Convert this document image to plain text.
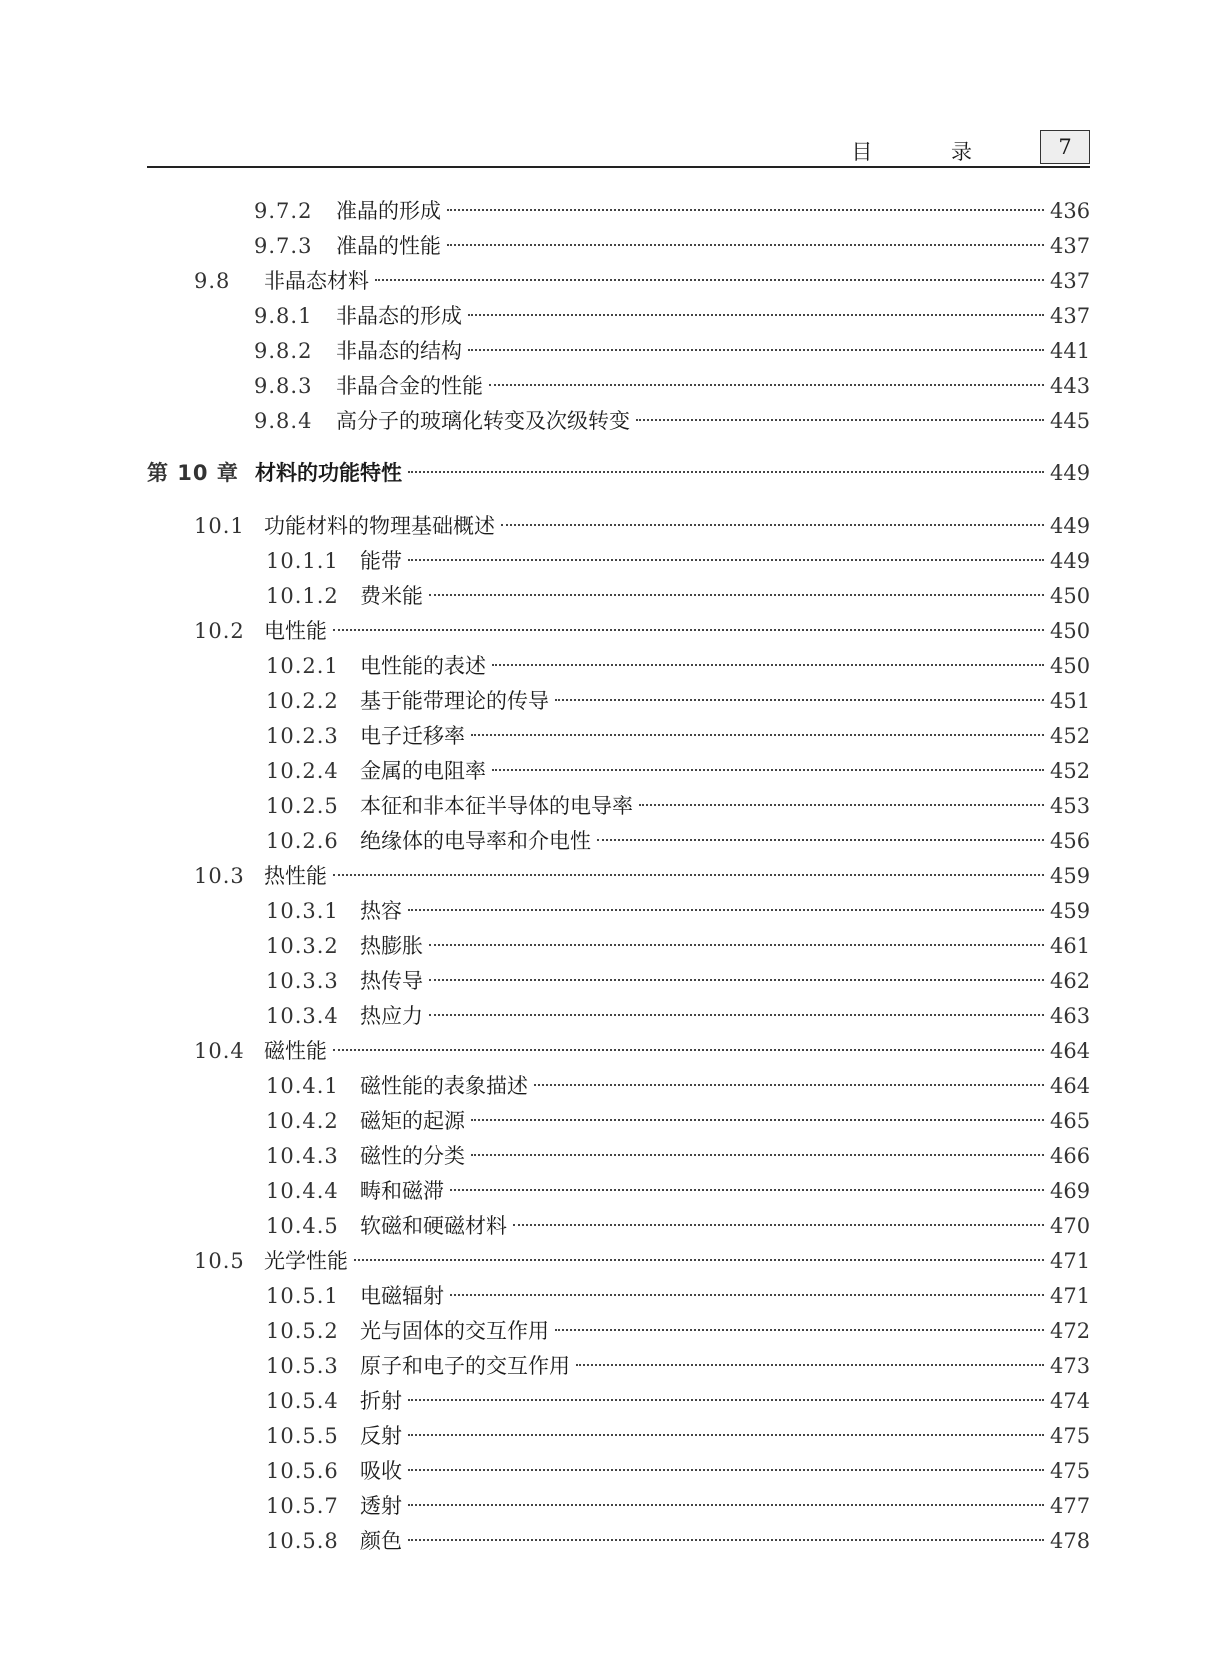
目 录	7
9.7.2	准晶的形成	436
9.7.3	准晶的性能	437
9.8	非晶态材料	437
9.8.1	非晶态的形成	437
9.8.2	非晶态的结构	441
9.8.3	非晶合金的性能	443
9.8.4	高分子的玻璃化转变及次级转变	445
第 10 章 材料的功能特性	449
10.1 功能材料的物理基础概述	449
10.1.1	能带	449
10.1.2	费米能	450
10.2 电性能	450
10.2.1	电性能的表述	450
10.2.2	基于能带理论的传导	451
10.2.3	电子迁移率	452
10.2.4	金属的电阻率	452
10.2.5	本征和非本征半导体的电导率	453
10.2.6	绝缘体的电导率和介电性	456
10.3 热性能	459
10.3.1	热容	459
10.3.2	热膨胀	461
10.3.3	热传导	462
10.3.4	热应力	463
10.4 磁性能	464
10.4.1	磁性能的表象描述	464
10.4.2	磁矩的起源	465
10.4.3	磁性的分类	466
10.4.4	畴和磁滞	469
10.4.5	软磁和硬磁材料	470
10.5 光学性能	471
10.5.1	电磁辐射	471
10.5.2	光与固体的交互作用	472
10.5.3	原子和电子的交互作用	473
10.5.4	折射	474
10.5.5	反射	475
10.5.6	吸收	475
10.5.7	透射	477
10.5.8	颜色	478
